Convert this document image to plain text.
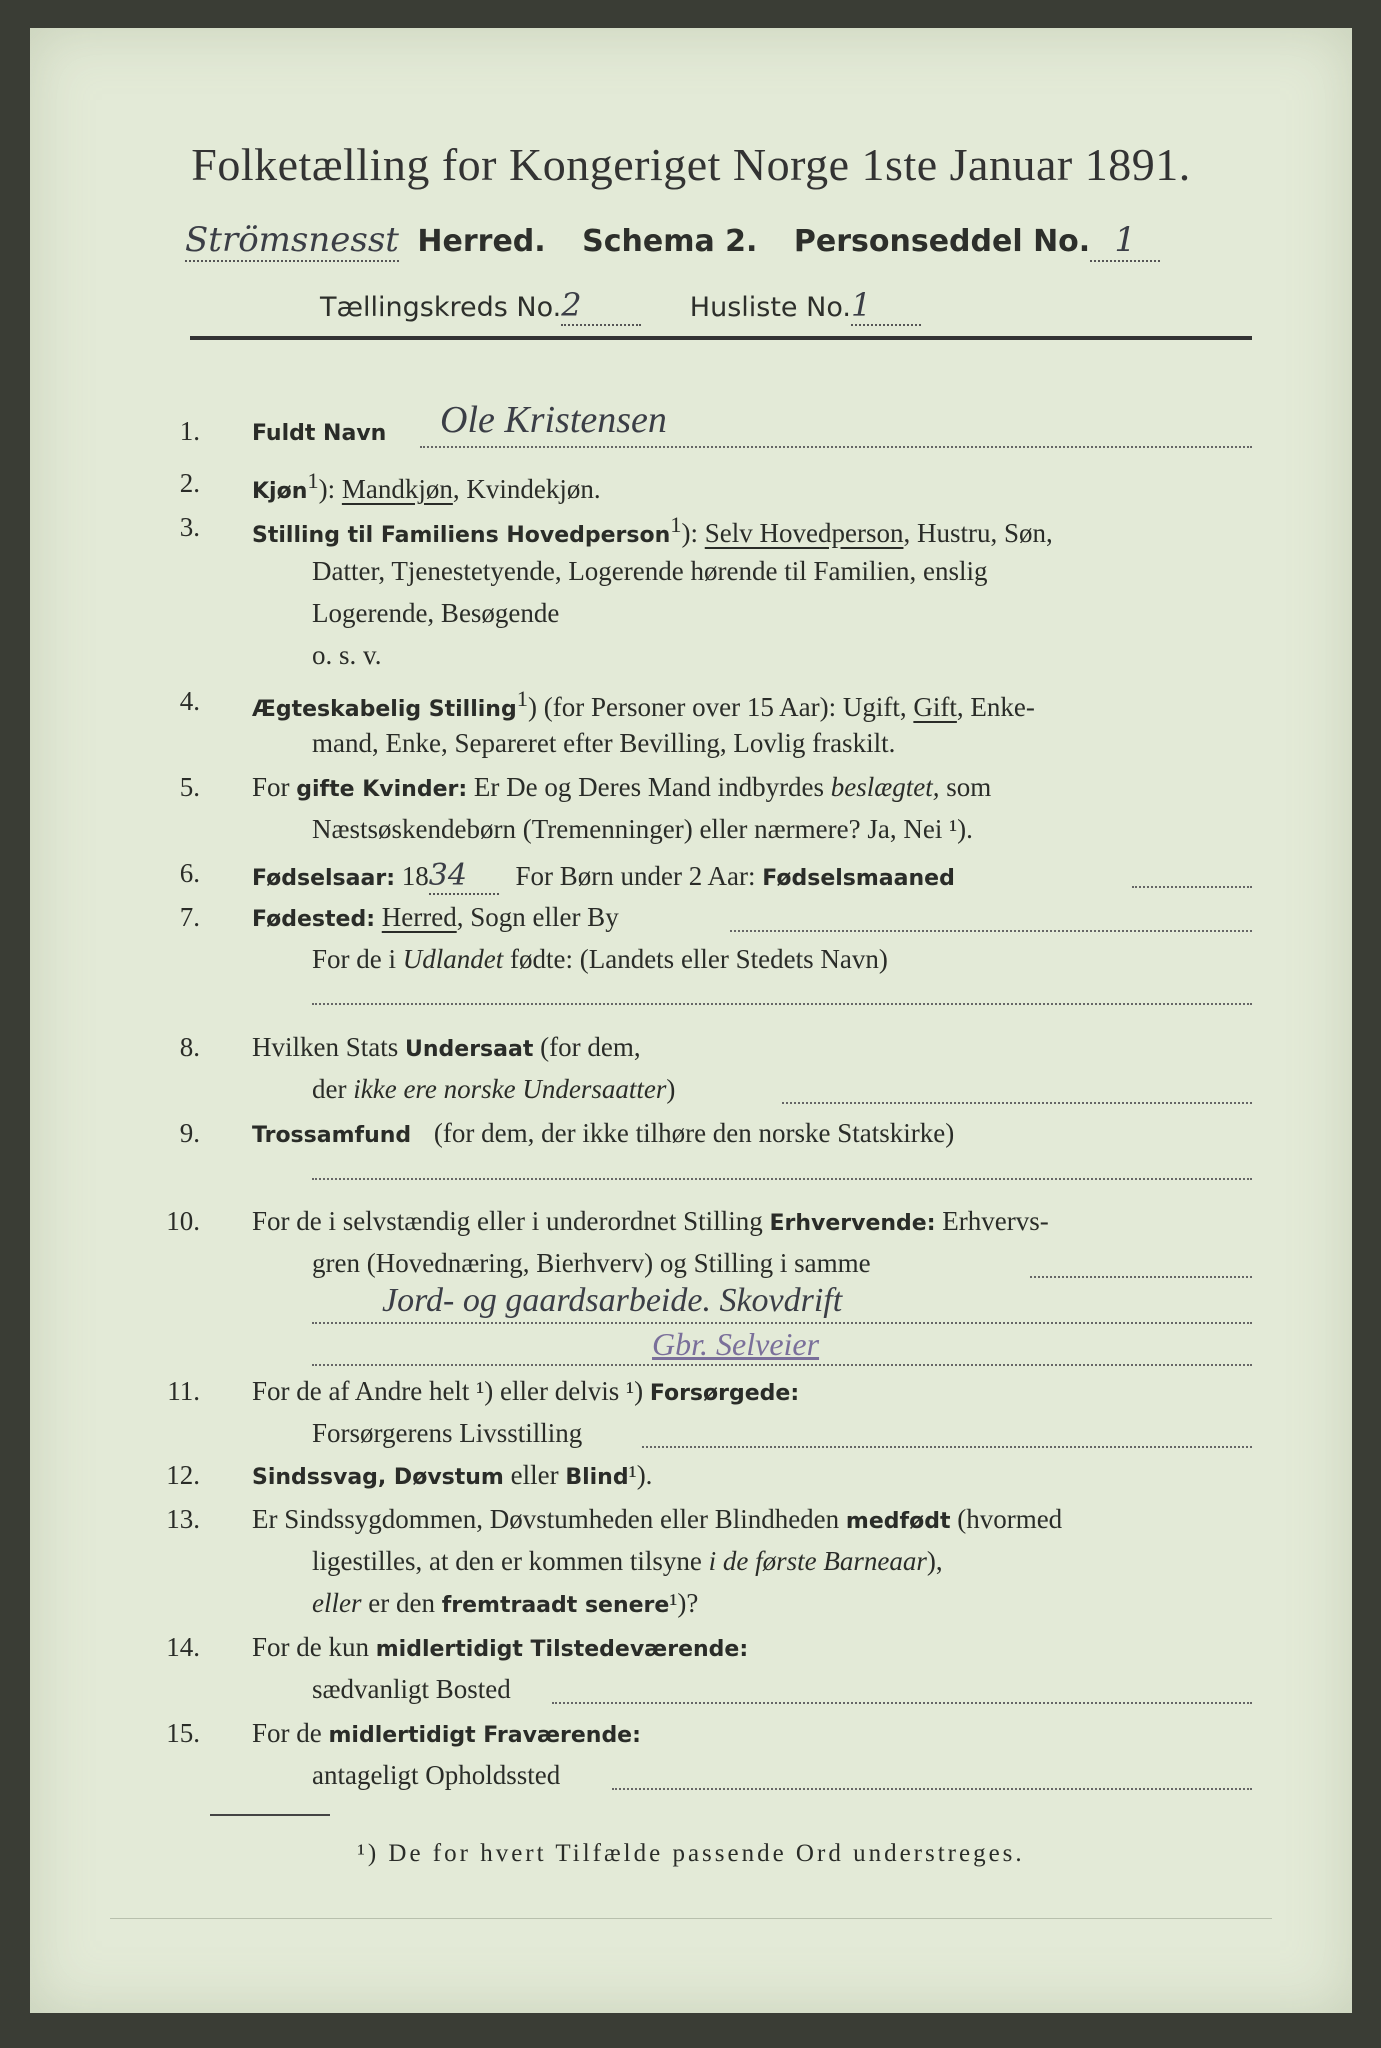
Folketælling for Kongeriget Norge 1ste Januar 1891.
Strömsnesst Herred. Schema 2. Personseddel No. 1
Tællingskreds No.2	Husliste No.1
1. Fuldt Navn Ole Kristensen
2. Kjøn$^1$): Mandkjøn, Kvindekjøn.
3. Stilling til Familiens Hovedperson$^1$): Selv Hovedperson, Hustru, Søn,
Datter, Tjenestetyende, Logerende hørende til Familien, enslig
Logerende, Besøgende
o. s. v.
4. Ægteskabelig Stilling$^1$) (for Personer over 15 Aar): Ugift, Gift, Enke-
mand, Enke, Separeret efter Bevilling, Lovlig fraskilt.
5. For gifte Kvinder: Er De og Deres Mand indbyrdes beslægtet, som
Næstsøskendebørn (Tremenninger) eller nærmere? Ja, Nei ¹).
6. Fødselsaar: 1834 For Børn under 2 Aar: Fødselsmaaned
7. Fødested: Herred, Sogn eller By
For de i Udlandet fødte: (Landets eller Stedets Navn)
8. Hvilken Stats Undersaat (for dem,
der ikke ere norske Undersaatter)
9. Trossamfund (for dem, der ikke tilhøre den norske Statskirke)
10. For de i selvstændig eller i underordnet Stilling Erhvervende: Erhvervs-
gren (Hovednæring, Bierhverv) og Stilling i samme
Jord- og gaardsarbeide. Skovdrift
Gbr. Selveier
11. For de af Andre helt ¹) eller delvis ¹) Forsørgede:
Forsørgerens Livsstilling
12. Sindssvag, Døvstum eller Blind¹).
13. Er Sindssygdommen, Døvstumheden eller Blindheden medfødt (hvormed
ligestilles, at den er kommen tilsyne i de første Barneaar),
eller er den fremtraadt senere¹)?
14. For de kun midlertidigt Tilstedeværende:
sædvanligt Bosted
15. For de midlertidigt Fraværende:
antageligt Opholdssted
¹) De for hvert Tilfælde passende Ord understreges.
